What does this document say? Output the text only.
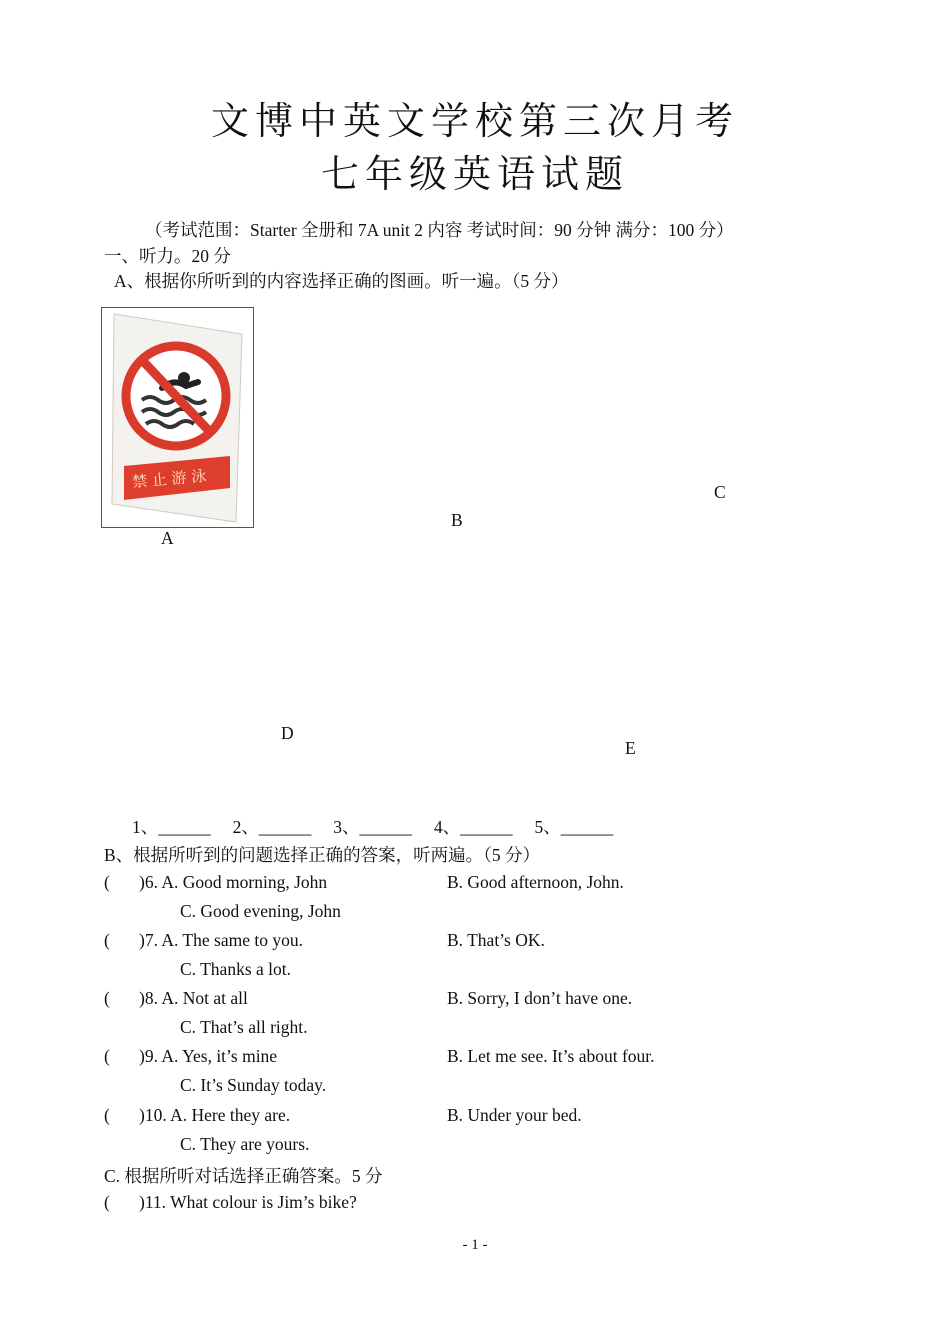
文博中英文学校第三次月考
七年级英语试题
（考试范围：Starter 全册和 7A unit 2 内容 考试时间：90 分钟 满分：100 分）
一、听力。20 分
A、根据你所听到的内容选择正确的图画。听一遍。（5 分）
禁 止 游 泳
A
B
C
D
E
1、______     2、______     3、______     4、______     5、______
B、根据所听到的问题选择正确的答案，听两遍。（5 分）
( )6. A. Good morning, John	B. Good afternoon, John.
C. Good evening, John
( )7. A. The same to you.	B. That’s OK.
C. Thanks a lot.
( )8. A. Not at all	B. Sorry, I don’t have one.
C. That’s all right.
( )9. A. Yes, it’s mine	B. Let me see. It’s about four.
C. It’s Sunday today.
( )10. A. Here they are.	B. Under your bed.
C. They are yours.
C. 根据所听对话选择正确答案。5 分
( )11. What colour is Jim’s bike?
- 1 -
